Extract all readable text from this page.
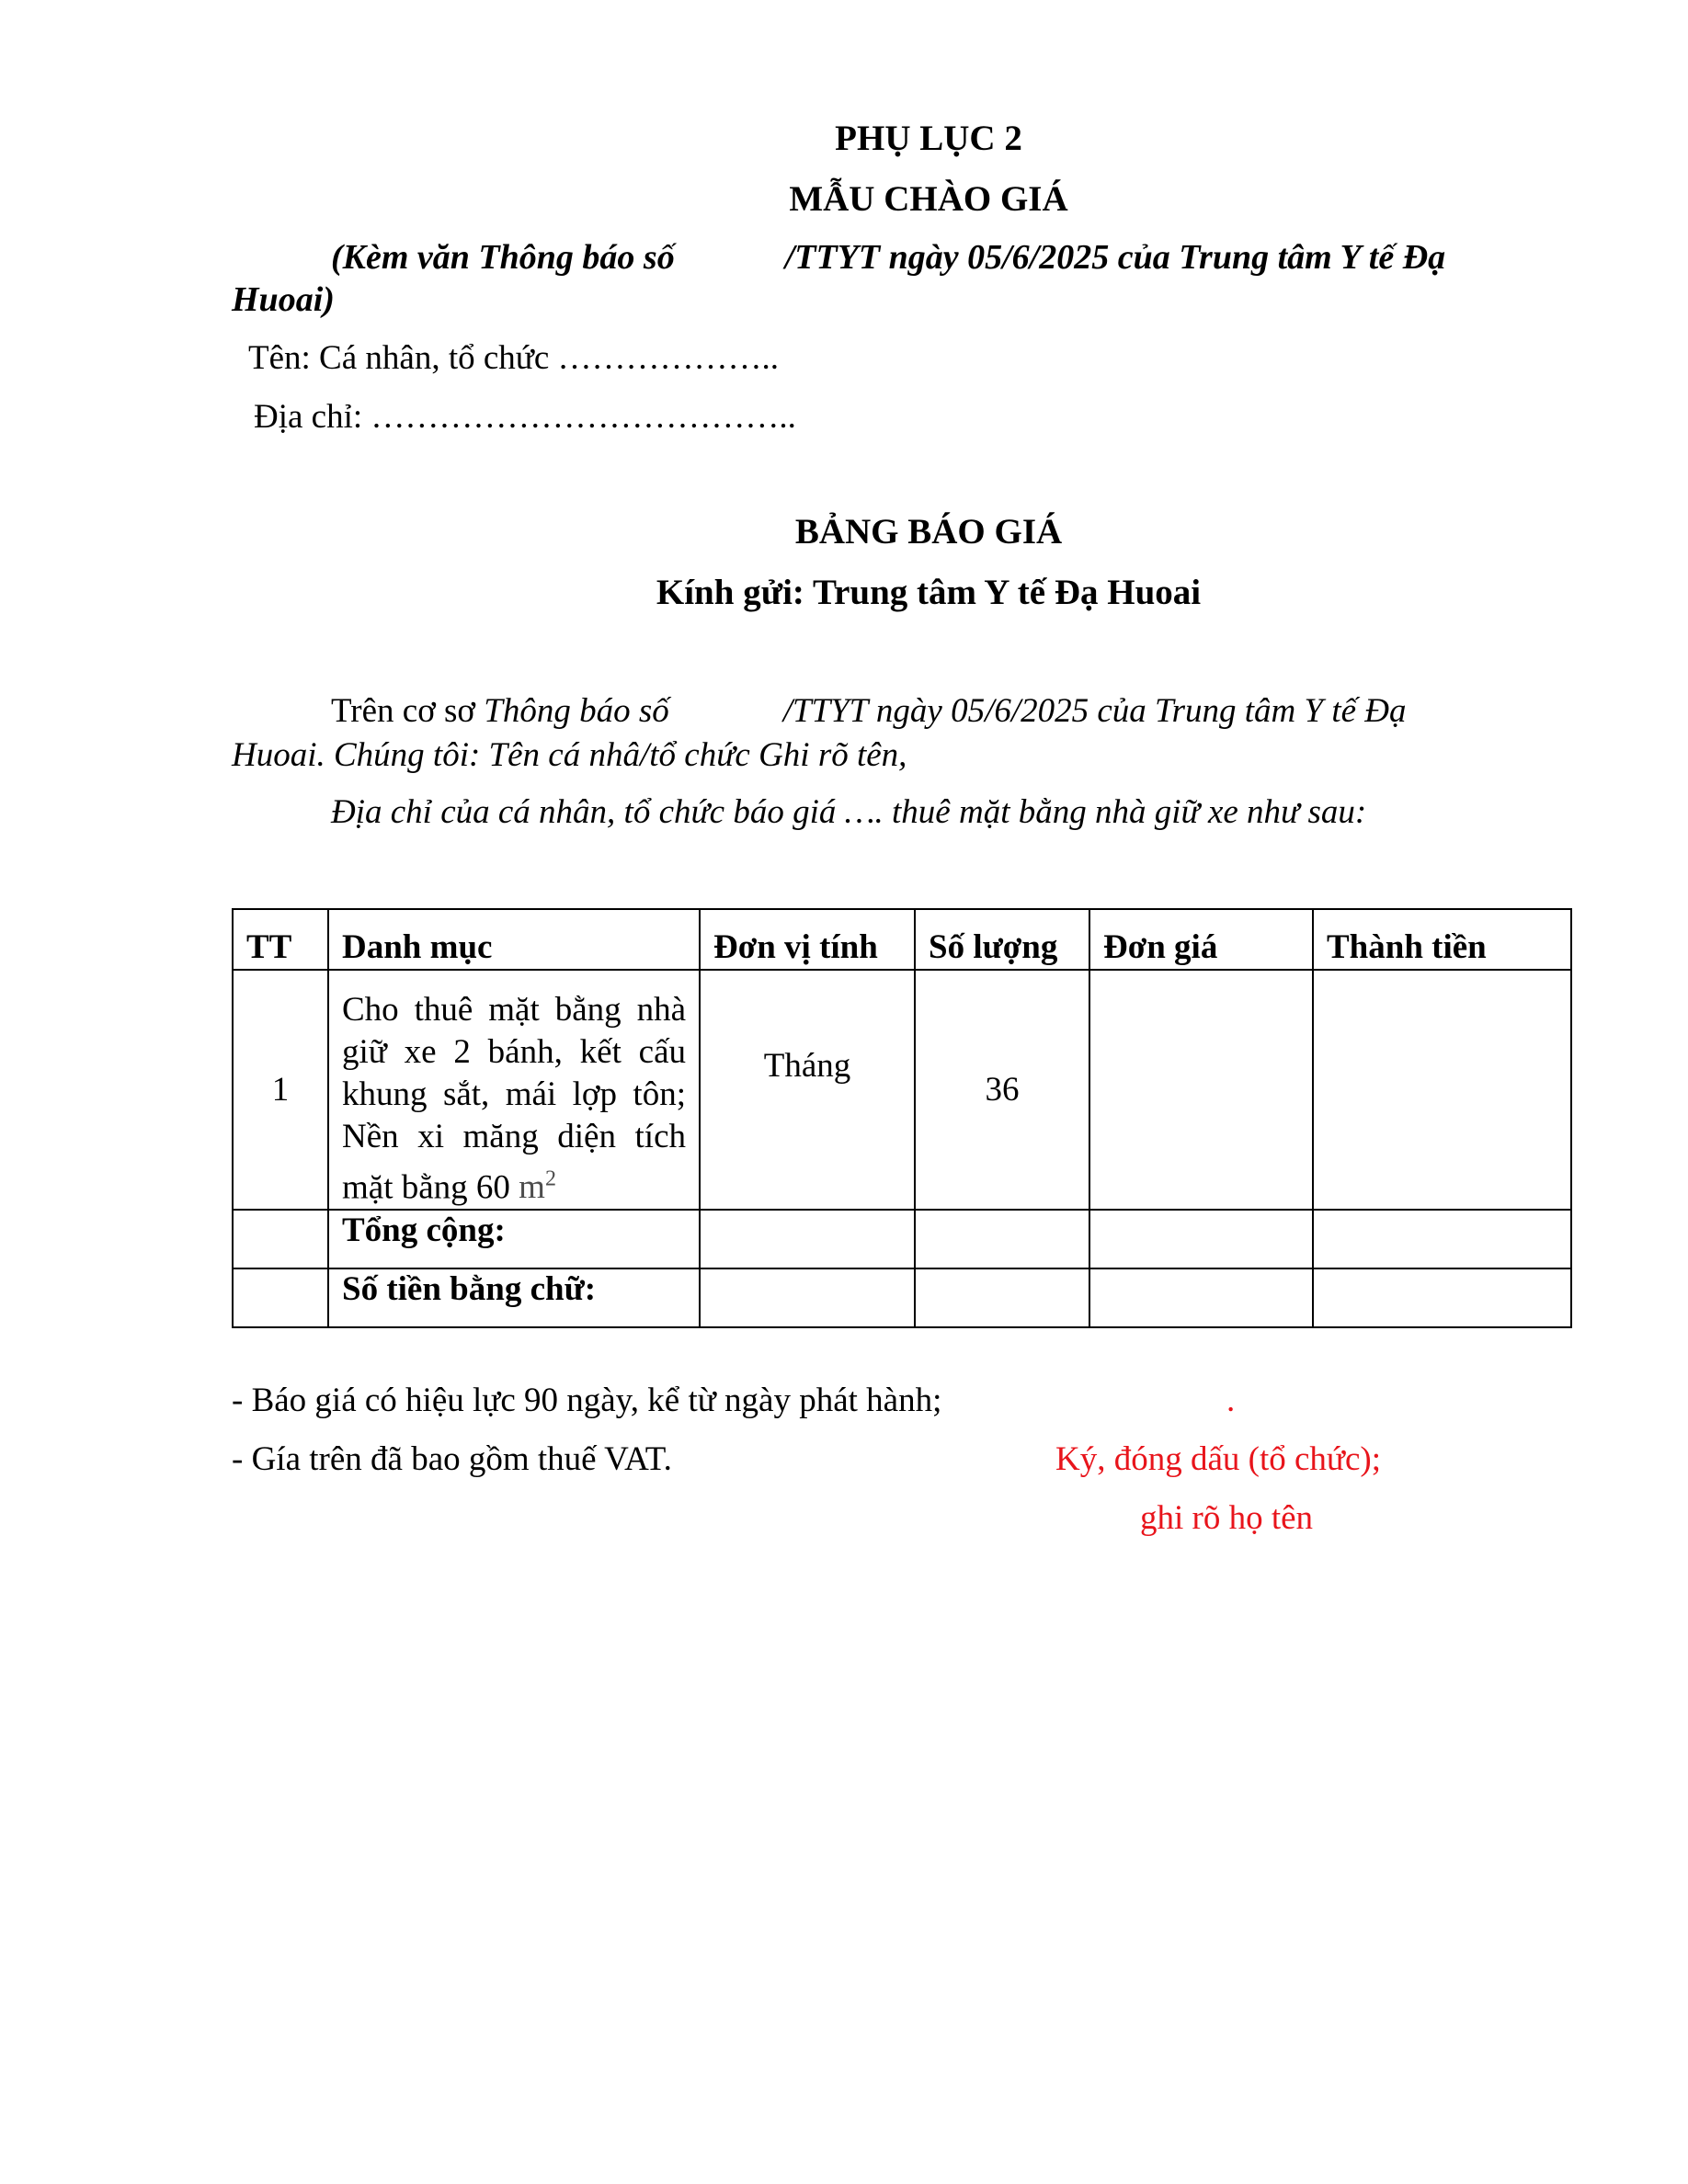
PHỤ LỤC 2
MẪU CHÀO GIÁ
(Kèm văn Thông báo số	/TTYT ngày 05/6/2025 của Trung tâm Y tế Đạ
Huoai)
Tên: Cá nhân, tổ chức ………………..
Địa chỉ: ………………………………..
BẢNG BÁO GIÁ
Kính gửi: Trung tâm Y tế Đạ Huoai
Trên cơ sơ Thông báo số	/TTYT ngày 05/6/2025 của Trung tâm Y tế Đạ
Huoai. Chúng tôi: Tên cá nhâ/tổ chức Ghi rõ tên,
Địa chỉ của cá nhân, tổ chức báo giá …. thuê mặt bằng nhà giữ xe như sau:
TT	Danh mục	Đơn vị tính	Số lượng	Đơn giá	Thành tiền
1	Cho thuê mặt bằng nhà giữ xe 2 bánh, kết cấu khung sắt, mái lợp tôn; Nền xi măng diện tích mặt bằng 60 $m^2$	Tháng	36		
	Tổng cộng:				
	Số tiền bằng chữ:				
- Báo giá có hiệu lực 90 ngày, kể từ ngày phát hành;
- Gía trên đã bao gồm thuế VAT.
.
Ký, đóng dấu (tổ chức);
ghi rõ họ tên
